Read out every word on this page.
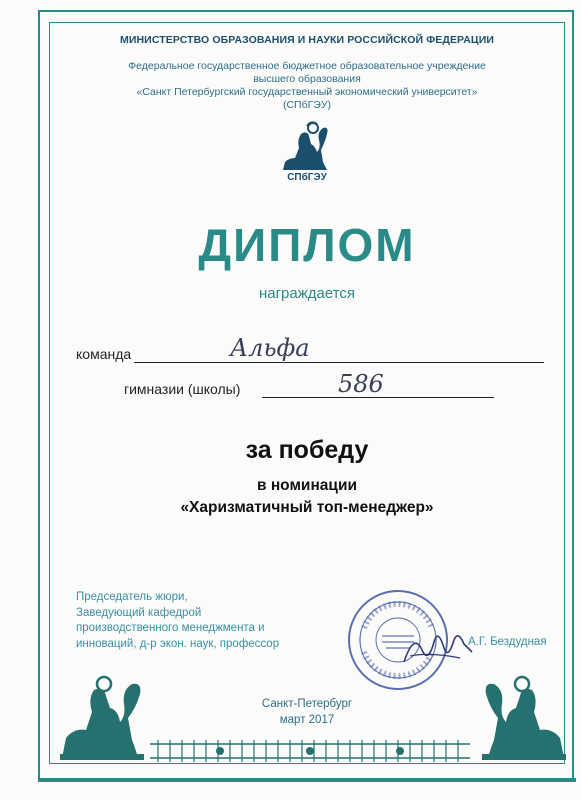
МИНИСТЕРСТВО ОБРАЗОВАНИЯ И НАУКИ РОССИЙСКОЙ ФЕДЕРАЦИИ
Федеральное государственное бюджетное образовательное учреждение
высшего образования
«Санкт Петербургский государственный экономический университет»
(СПбГЭУ)
СПбГЭУ
ДИПЛОМ
награждается
команда	Альфа
гимназии (школы)	586
за победу
в номинации
«Харизматичный топ-менеджер»
Председатель жюри,
Заведующий кафедрой
производственного менеджмента и
инноваций, д-р экон. наук, профессор	А.Г. Бездудная
Санкт-Петербург
март 2017
